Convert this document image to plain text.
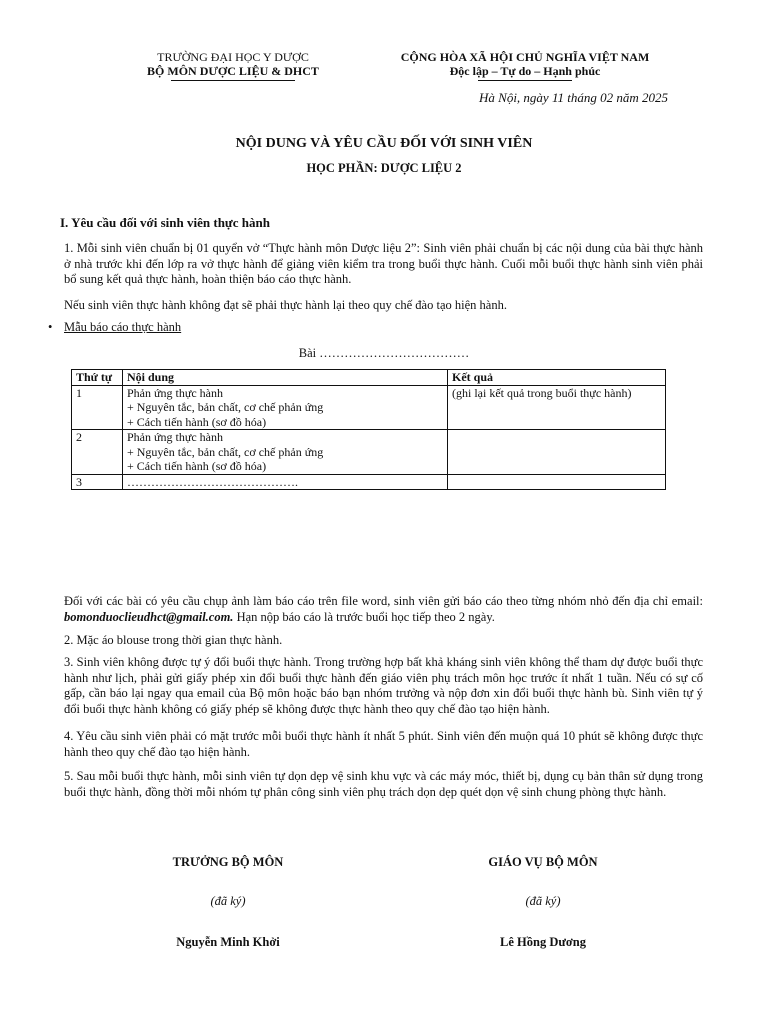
TRƯỜNG ĐẠI HỌC Y DƯỢC
BỘ MÔN DƯỢC LIỆU & DHCT
CỘNG HÒA XÃ HỘI CHỦ NGHĨA VIỆT NAM
Độc lập – Tự do – Hạnh phúc
Hà Nội, ngày 11 tháng 02 năm 2025
NỘI DUNG VÀ YÊU CẦU ĐỐI VỚI SINH VIÊN
HỌC PHẦN: DƯỢC LIỆU 2
I. Yêu cầu đối với sinh viên thực hành
1. Mỗi sinh viên chuẩn bị 01 quyển vở “Thực hành môn Dược liệu 2”: Sinh viên phải chuẩn bị các nội dung của bài thực hành ở nhà trước khi đến lớp ra vở thực hành để giảng viên kiểm tra trong buổi thực hành. Cuối mỗi buổi thực hành sinh viên phải bổ sung kết quả thực hành, hoàn thiện báo cáo thực hành.
Nếu sinh viên thực hành không đạt sẽ phải thực hành lại theo quy chế đào tạo hiện hành.
• Mẫu báo cáo thực hành
Bài ………………………………
Thứ tự	Nội dung	Kết quả
1	Phản ứng thực hành
+ Nguyên tắc, bản chất, cơ chế phản ứng
+ Cách tiến hành (sơ đồ hóa)	(ghi lại kết quả trong buổi thực hành)
2	Phản ứng thực hành
+ Nguyên tắc, bản chất, cơ chế phản ứng
+ Cách tiến hành (sơ đồ hóa)	

3	…………………………………….	
Đối với các bài có yêu cầu chụp ảnh làm báo cáo trên file word, sinh viên gửi báo cáo theo từng nhóm nhỏ đến địa chỉ email: bomonduoclieudhct@gmail.com. Hạn nộp báo cáo là trước buổi học tiếp theo 2 ngày.
2. Mặc áo blouse trong thời gian thực hành.
3. Sinh viên không được tự ý đổi buổi thực hành. Trong trường hợp bất khả kháng sinh viên không thể tham dự được buổi thực hành như lịch, phải gửi giấy phép xin đổi buổi thực hành đến giáo viên phụ trách môn học trước ít nhất 1 tuần. Nếu có sự cố gấp, cần báo lại ngay qua email của Bộ môn hoặc báo bạn nhóm trưởng và nộp đơn xin đổi buổi thực hành bù. Sinh viên tự ý đổi buổi thực hành không có giấy phép sẽ không được thực hành theo quy chế đào tạo hiện hành.
4. Yêu cầu sinh viên phải có mặt trước mỗi buổi thực hành ít nhất 5 phút. Sinh viên đến muộn quá 10 phút sẽ không được thực hành theo quy chế đào tạo hiện hành.
5. Sau mỗi buổi thực hành, mỗi sinh viên tự dọn dẹp vệ sinh khu vực và các máy móc, thiết bị, dụng cụ bản thân sử dụng trong buổi thực hành, đồng thời mỗi nhóm tự phân công sinh viên phụ trách dọn dẹp quét dọn vệ sinh chung phòng thực hành.
TRƯỞNG BỘ MÔN
(đã ký)
Nguyễn Minh Khởi
GIÁO VỤ BỘ MÔN
(đã ký)
Lê Hồng Dương
